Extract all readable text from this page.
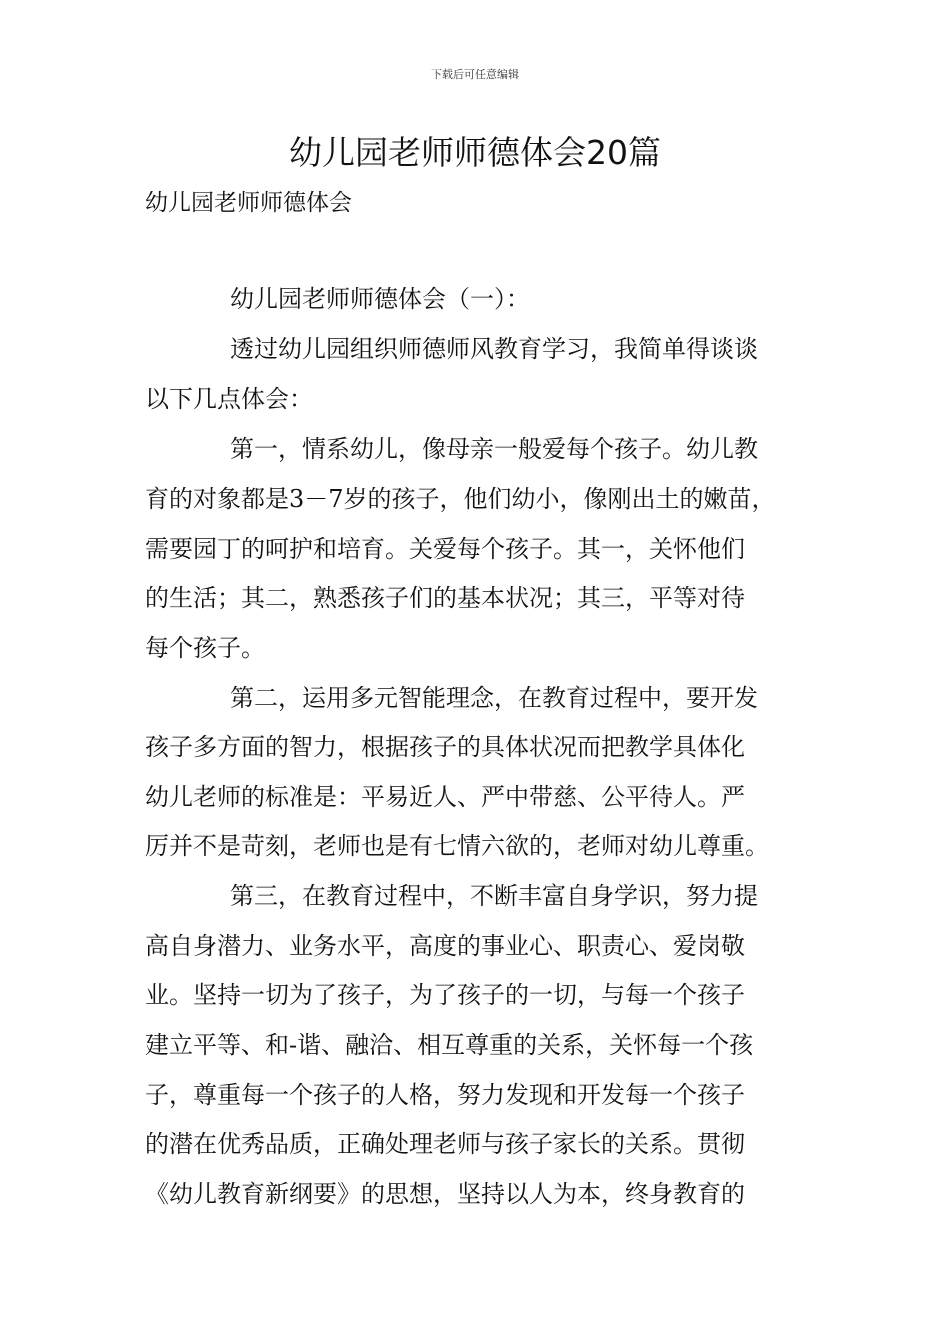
下载后可任意编辑
幼儿园老师师德体会20篇

幼儿园老师师德体会

幼儿园老师师德体会（一）：
透过幼儿园组织师德师风教育学习，我简单得谈谈
以下几点体会：
第一，情系幼儿，像母亲一般爱每个孩子。幼儿教
育的对象都是3－7岁的孩子，他们幼小，像刚出土的嫩苗，
需要园丁的呵护和培育。关爱每个孩子。其一，关怀他们
的生活；其二，熟悉孩子们的基本状况；其三，平等对待
每个孩子。
第二，运用多元智能理念，在教育过程中，要开发
孩子多方面的智力，根据孩子的具体状况而把教学具体化
幼儿老师的标准是：平易近人、严中带慈、公平待人。严
厉并不是苛刻，老师也是有七情六欲的，老师对幼儿尊重。
第三，在教育过程中，不断丰富自身学识，努力提
高自身潜力、业务水平，高度的事业心、职责心、爱岗敬
业。坚持一切为了孩子，为了孩子的一切，与每一个孩子
建立平等、和-谐、融洽、相互尊重的关系，关怀每一个孩
子，尊重每一个孩子的人格，努力发现和开发每一个孩子
的潜在优秀品质，正确处理老师与孩子家长的关系。贯彻
《幼儿教育新纲要》的思想，坚持以人为本，终身教育的
